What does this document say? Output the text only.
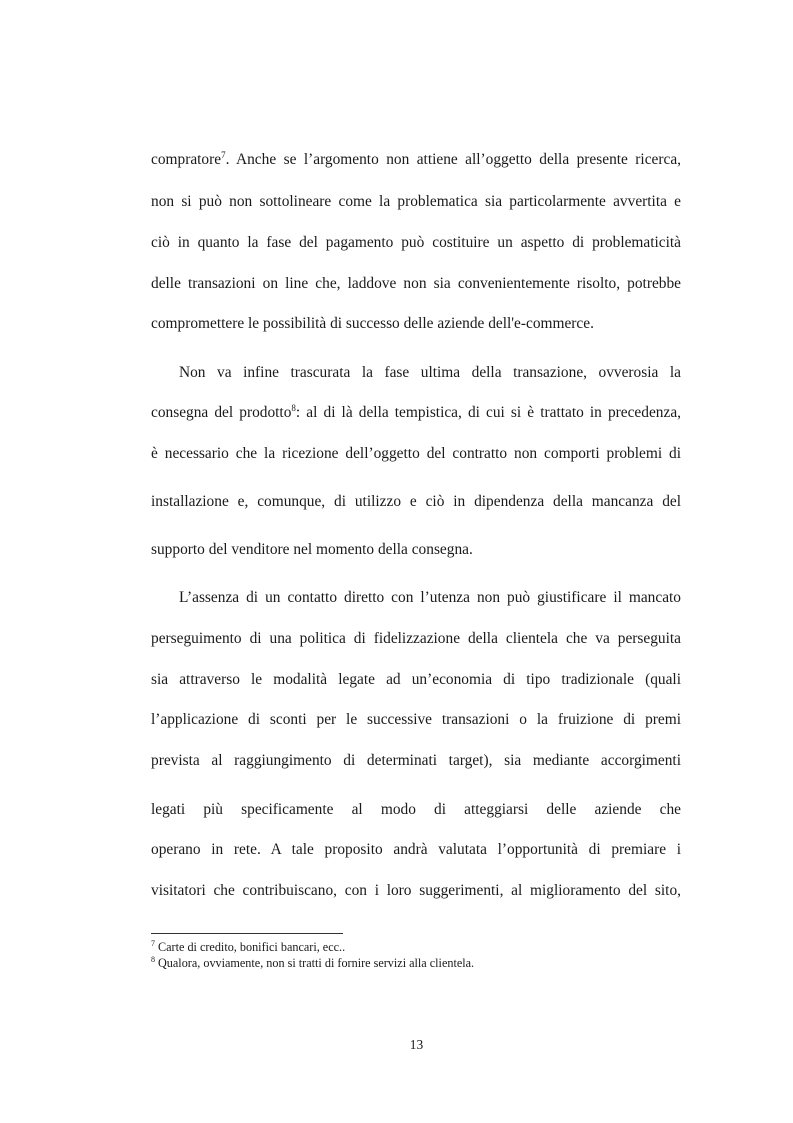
compratore$^7$. Anche se l’argomento non attiene all’oggetto della presente ricerca,

non si può non sottolineare come la problematica sia particolarmente avvertita e

ciò in quanto la fase del pagamento può costituire un aspetto di problematicità

delle transazioni on line che, laddove non sia convenientemente risolto, potrebbe

compromettere le possibilità di successo delle aziende dell'e-commerce.

Non va infine trascurata la fase ultima della transazione, ovverosia la

consegna del prodotto$^8$: al di là della tempistica, di cui si è trattato in precedenza,

è necessario che la ricezione dell’oggetto del contratto non comporti problemi di

installazione e, comunque, di utilizzo e ciò in dipendenza della mancanza del

supporto del venditore nel momento della consegna.

L’assenza di un contatto diretto con l’utenza non può giustificare il mancato

perseguimento di una politica di fidelizzazione della clientela che va perseguita

sia attraverso le modalità legate ad un’economia di tipo tradizionale (quali

l’applicazione di sconti per le successive transazioni o la fruizione di premi

prevista al raggiungimento di determinati target), sia mediante accorgimenti

legati più specificamente al modo di atteggiarsi delle aziende che

operano in rete. A tale proposito andrà valutata l’opportunità di premiare i

visitatori che contribuiscano, con i loro suggerimenti, al miglioramento del sito,

$^7$ Carte di credito, bonifici bancari, ecc..
$^8$ Qualora, ovviamente, non si tratti di fornire servizi alla clientela.
13
